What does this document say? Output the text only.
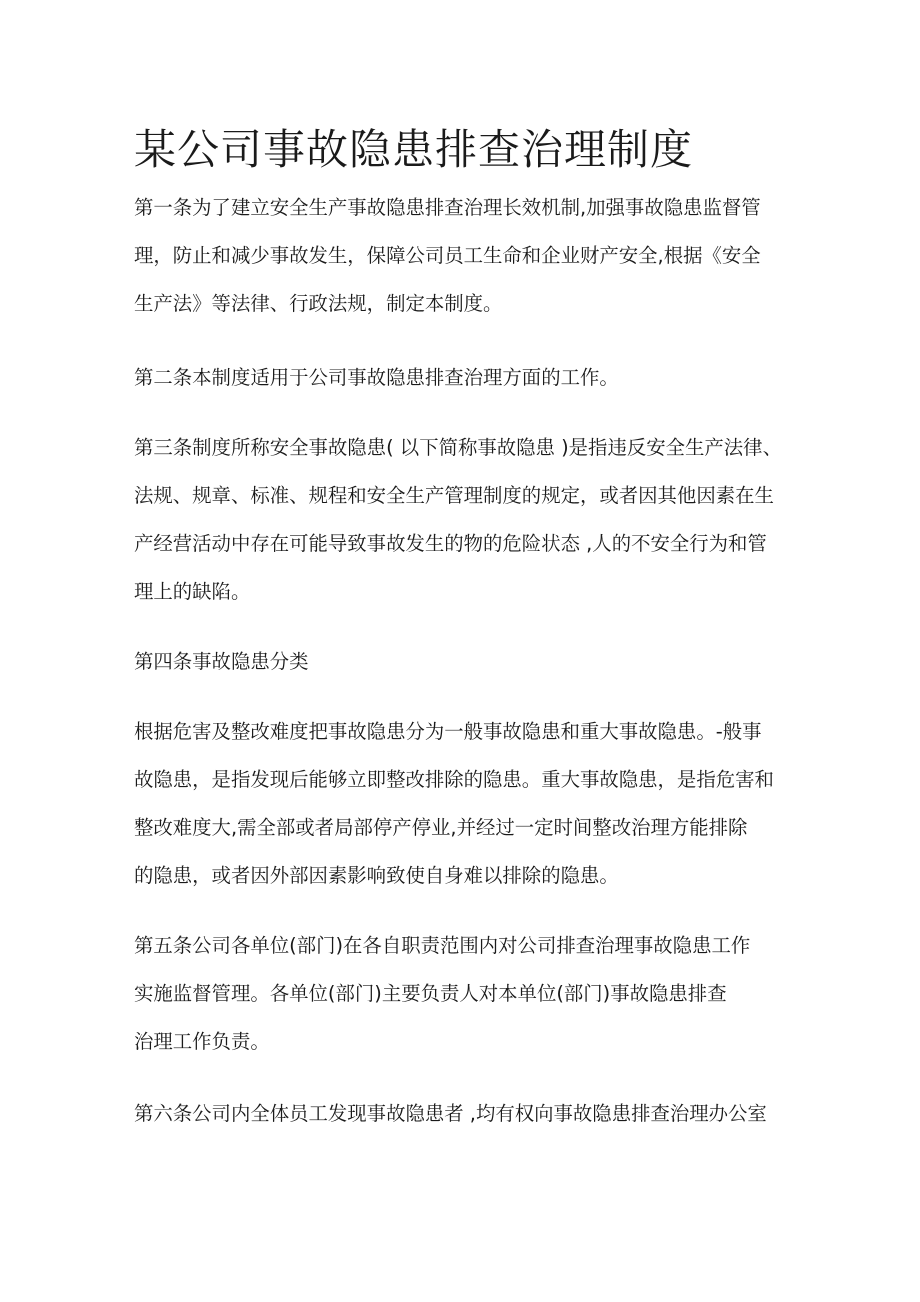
某公司事故隐患排查治理制度
第一条为了建立安全生产事故隐患排查治理长效机制,加强事故隐患监督管
理，防止和减少事故发生，保障公司员工生命和企业财产安全,根据《安全
生产法》等法律、行政法规，制定本制度。
第二条本制度适用于公司事故隐患排查治理方面的工作。
第三条制度所称安全事故隐患( 以下简称事故隐患 )是指违反安全生产法律、
法规、规章、标准、规程和安全生产管理制度的规定，或者因其他因素在生
产经营活动中存在可能导致事故发生的物的危险状态 ,人的不安全行为和管
理上的缺陷。
第四条事故隐患分类
根据危害及整改难度把事故隐患分为一般事故隐患和重大事故隐患。-般事
故隐患，是指发现后能够立即整改排除的隐患。重大事故隐患，是指危害和
整改难度大,需全部或者局部停产停业,并经过一定时间整改治理方能排除
的隐患，或者因外部因素影响致使自身难以排除的隐患。
第五条公司各单位(部门)在各自职责范围内对公司排查治理事故隐患工作
实施监督管理。各单位(部门)主要负责人对本单位(部门)事故隐患排查
治理工作负责。
第六条公司内全体员工发现事故隐患者 ,均有权向事故隐患排查治理办公室
